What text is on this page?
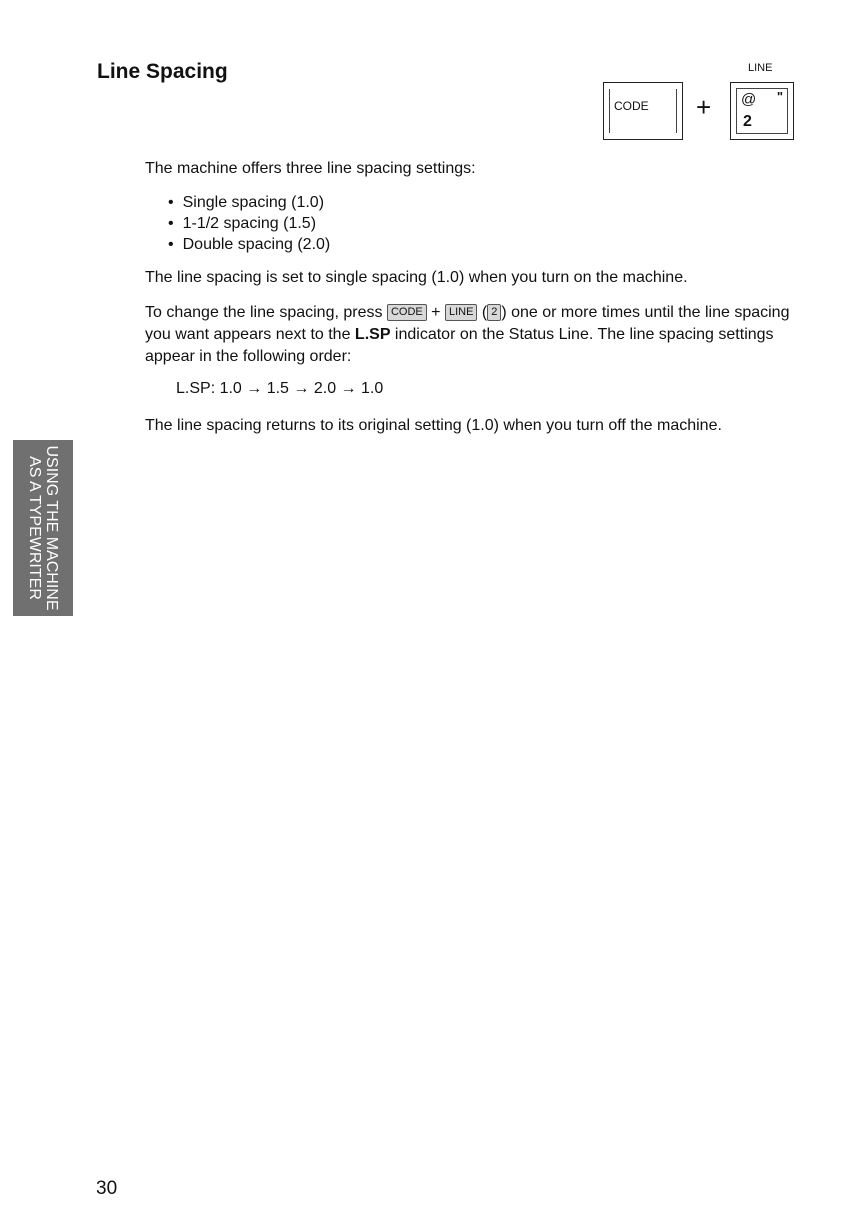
Line Spacing
CODE +
LINE
@ "
2

The machine offers three line spacing settings:

• Single spacing (1.0)
• 1-1/2 spacing (1.5)
• Double spacing (2.0)

The line spacing is set to single spacing (1.0) when you turn on the machine.

To change the line spacing, press CODE + LINE ( 2 ) one or more times until the line spacing you want appears next to the L.SP indicator on the Status Line. The line spacing settings appear in the following order:

L.SP: 1.0 → 1.5 → 2.0 → 1.0

The line spacing returns to its original setting (1.0) when you turn off the machine.

USING THE MACHINE
AS A TYPEWRITER
30
